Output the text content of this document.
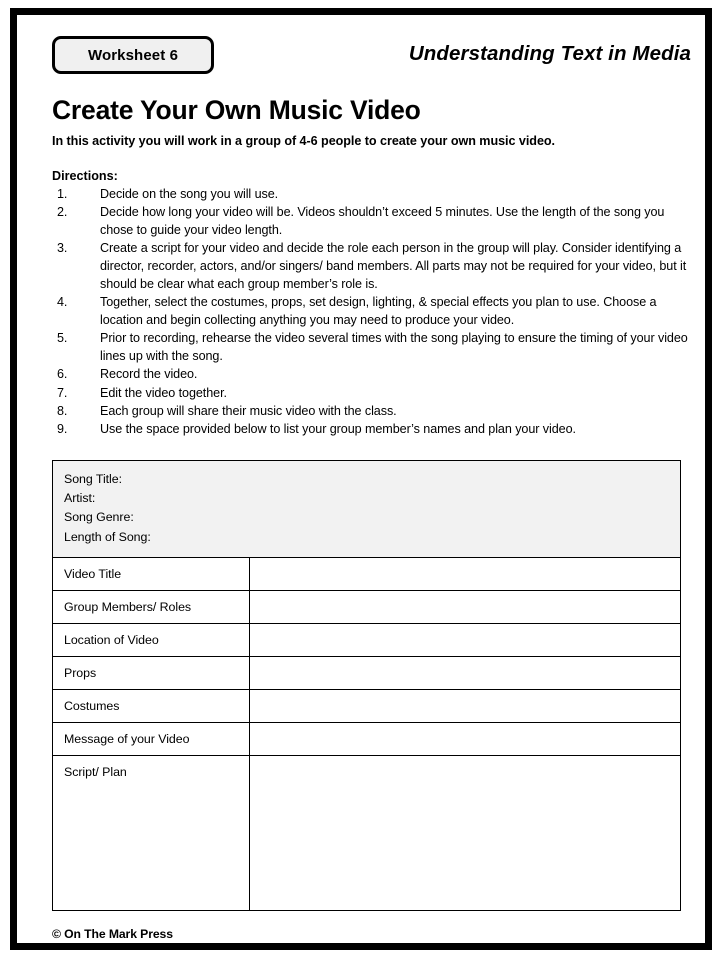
Worksheet 6	Understanding Text in Media
Create Your Own Music Video
In this activity you will work in a group of 4-6 people to create your own music video.
Directions:
1.	Decide on the song you will use.
2.	Decide how long your video will be. Videos shouldn’t exceed 5 minutes. Use the length of the song you chose to guide your video length.
3.	Create a script for your video and decide the role each person in the group will play. Consider identifying a director, recorder, actors, and/or singers/ band members. All parts may not be required for your video, but it should be clear what each group member’s role is.
4.	Together, select the costumes, props, set design, lighting, & special effects you plan to use. Choose a location and begin collecting anything you may need to produce your video.
5.	Prior to recording, rehearse the video several times with the song playing to ensure the timing of your video lines up with the song.
6.	Record the video.
7.	Edit the video together.
8.	Each group will share their music video with the class.
9.	Use the space provided below to list your group member’s names and plan your video.
Song Title:
Artist:
Song Genre:
Length of Song:	

Video Title	
Group Members/ Roles	
Location of Video	
Props	
Costumes	
Message of your Video	
Script/ Plan	
© On The Mark Press
